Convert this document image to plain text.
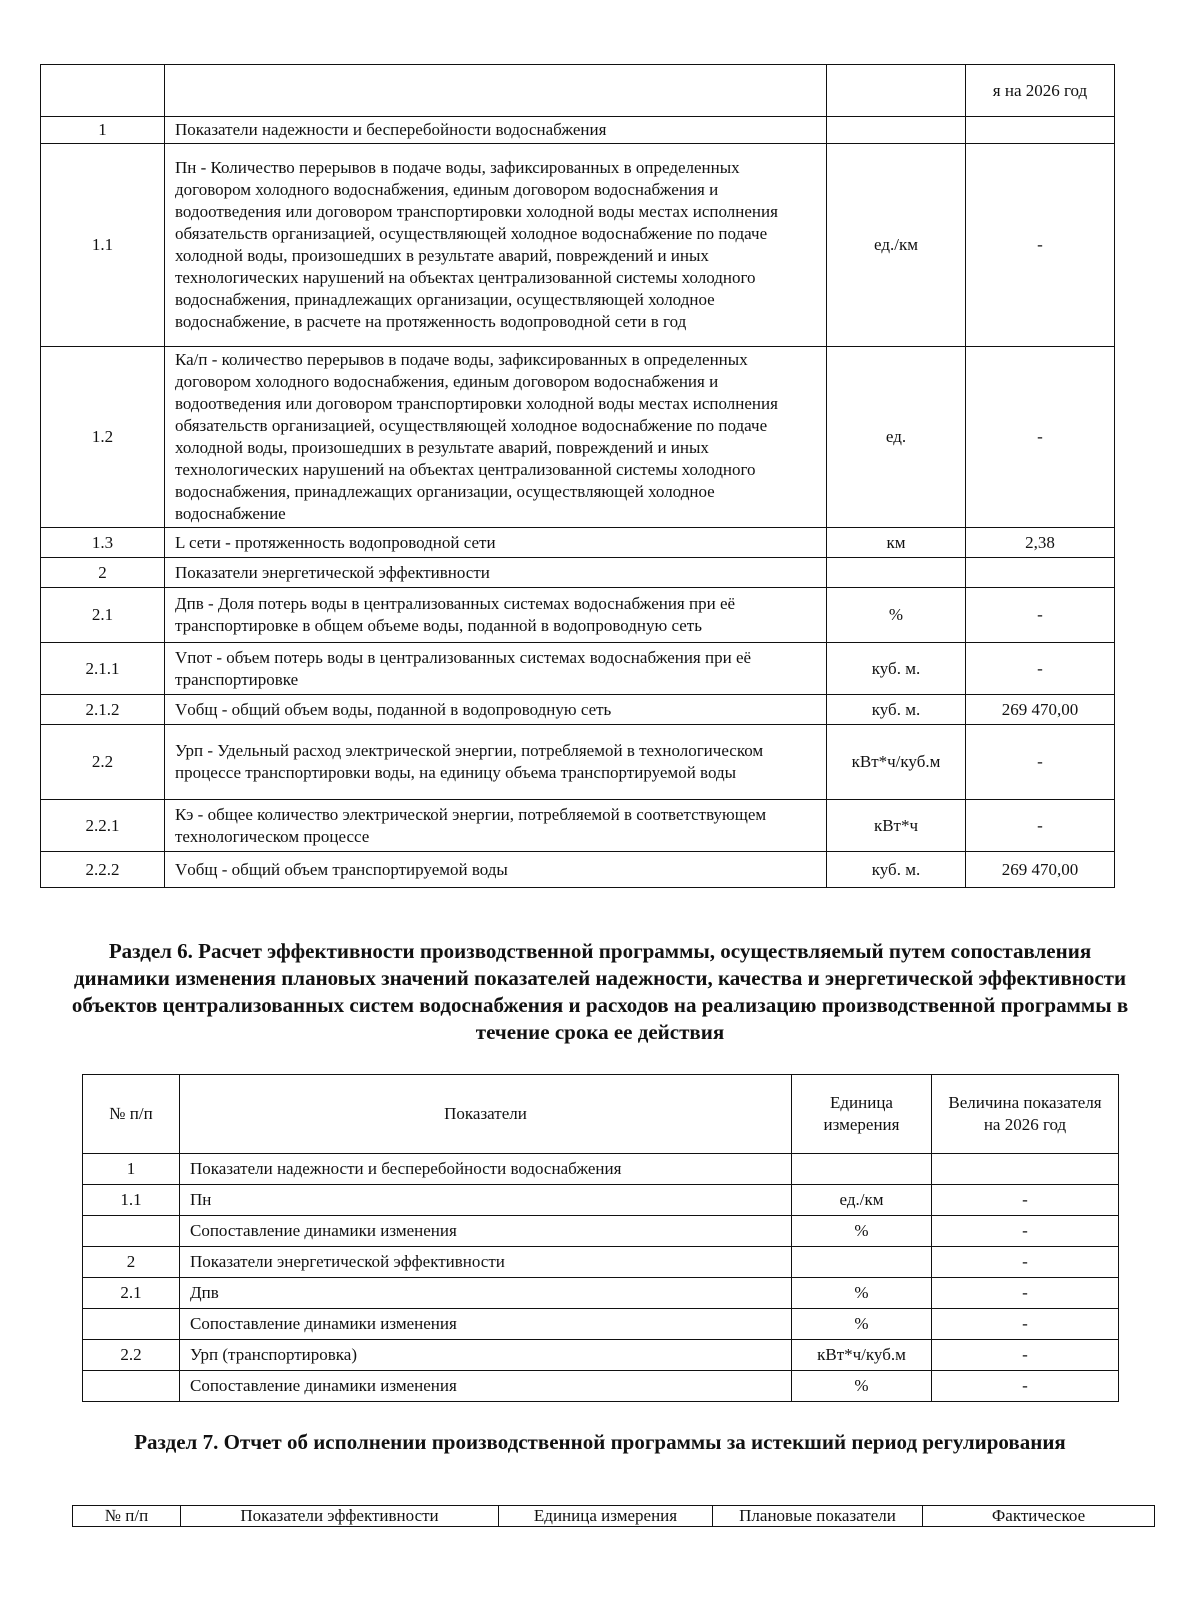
			я на 2026 год
1	Показатели надежности и бесперебойности водоснабжения		
1.1	Пн - Количество перерывов в подаче воды, зафиксированных в определенных договором холодного водоснабжения, единым договором водоснабжения и водоотведения или договором транспортировки холодной воды местах исполнения обязательств организацией, осуществляющей холодное водоснабжение по подаче холодной воды, произошедших в результате аварий, повреждений и иных технологических нарушений на объектах централизованной системы холодного водоснабжения, принадлежащих организации, осуществляющей холодное водоснабжение, в расчете на протяженность водопроводной сети в год	ед./км	-
1.2	Ка/п - количество перерывов в подаче воды, зафиксированных в определенных договором холодного водоснабжения, единым договором водоснабжения и водоотведения или договором транспортировки холодной воды местах исполнения обязательств организацией, осуществляющей холодное водоснабжение по подаче холодной воды, произошедших в результате аварий, повреждений и иных технологических нарушений на объектах централизованной системы холодного водоснабжения, принадлежащих организации, осуществляющей холодное водоснабжение	ед.	-
1.3	L сети - протяженность водопроводной сети	км	2,38
2	Показатели энергетической эффективности		
2.1	Дпв - Доля потерь воды в централизованных системах водоснабжения при её транспортировке в общем объеме воды, поданной в водопроводную сеть	%	-
2.1.1	Vпот - объем потерь воды в централизованных системах водоснабжения при её транспортировке	куб. м.	-
2.1.2	Vобщ - общий объем воды, поданной в водопроводную сеть	куб. м.	269 470,00
2.2	Урп - Удельный расход электрической энергии, потребляемой в технологическом процессе транспортировки воды, на единицу объема транспортируемой воды	кВт*ч/куб.м	-
2.2.1	Кэ - общее количество электрической энергии, потребляемой в соответствующем технологическом процессе	кВт*ч	-
2.2.2	Vобщ - общий объем транспортируемой воды	куб. м.	269 470,00
Раздел 6. Расчет эффективности производственной программы, осуществляемый путем сопоставления динамики изменения плановых значений показателей надежности, качества и энергетической эффективности объектов централизованных систем водоснабжения и расходов на реализацию производственной программы в течение срока ее действия
№ п/п	Показатели	Единица измерения	Величина показателя на 2026 год
1	Показатели надежности и бесперебойности водоснабжения		
1.1	Пн	ед./км	-
	Сопоставление динамики изменения	%	-
2	Показатели энергетической эффективности		-
2.1	Дпв	%	-
	Сопоставление динамики изменения	%	-
2.2	Урп (транспортировка)	кВт*ч/куб.м	-
	Сопоставление динамики изменения	%	-
Раздел 7. Отчет об исполнении производственной программы за истекший период регулирования
№ п/п	Показатели эффективности	Единица измерения	Плановые показатели	Фактическое
